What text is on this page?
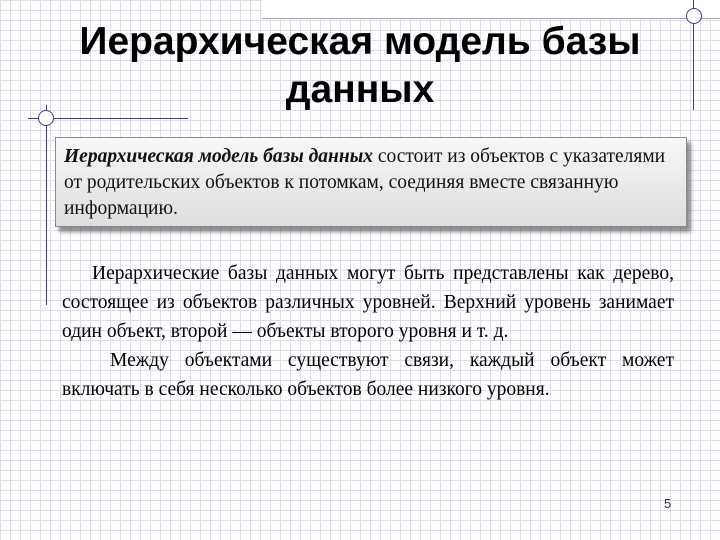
Иерархическая модель базы данных
Иерархическая модель базы данных состоит из объектов с указателями от родительских объектов к потомкам, соединяя вместе связанную информацию.

Иерархические базы данных могут быть представлены как дерево, состоящее из объектов различных уровней. Верхний уровень занимает один объект, второй — объекты второго уровня и т. д.

Между объектами существуют связи, каждый объект может включать в себя несколько объектов более низкого уровня.

5
